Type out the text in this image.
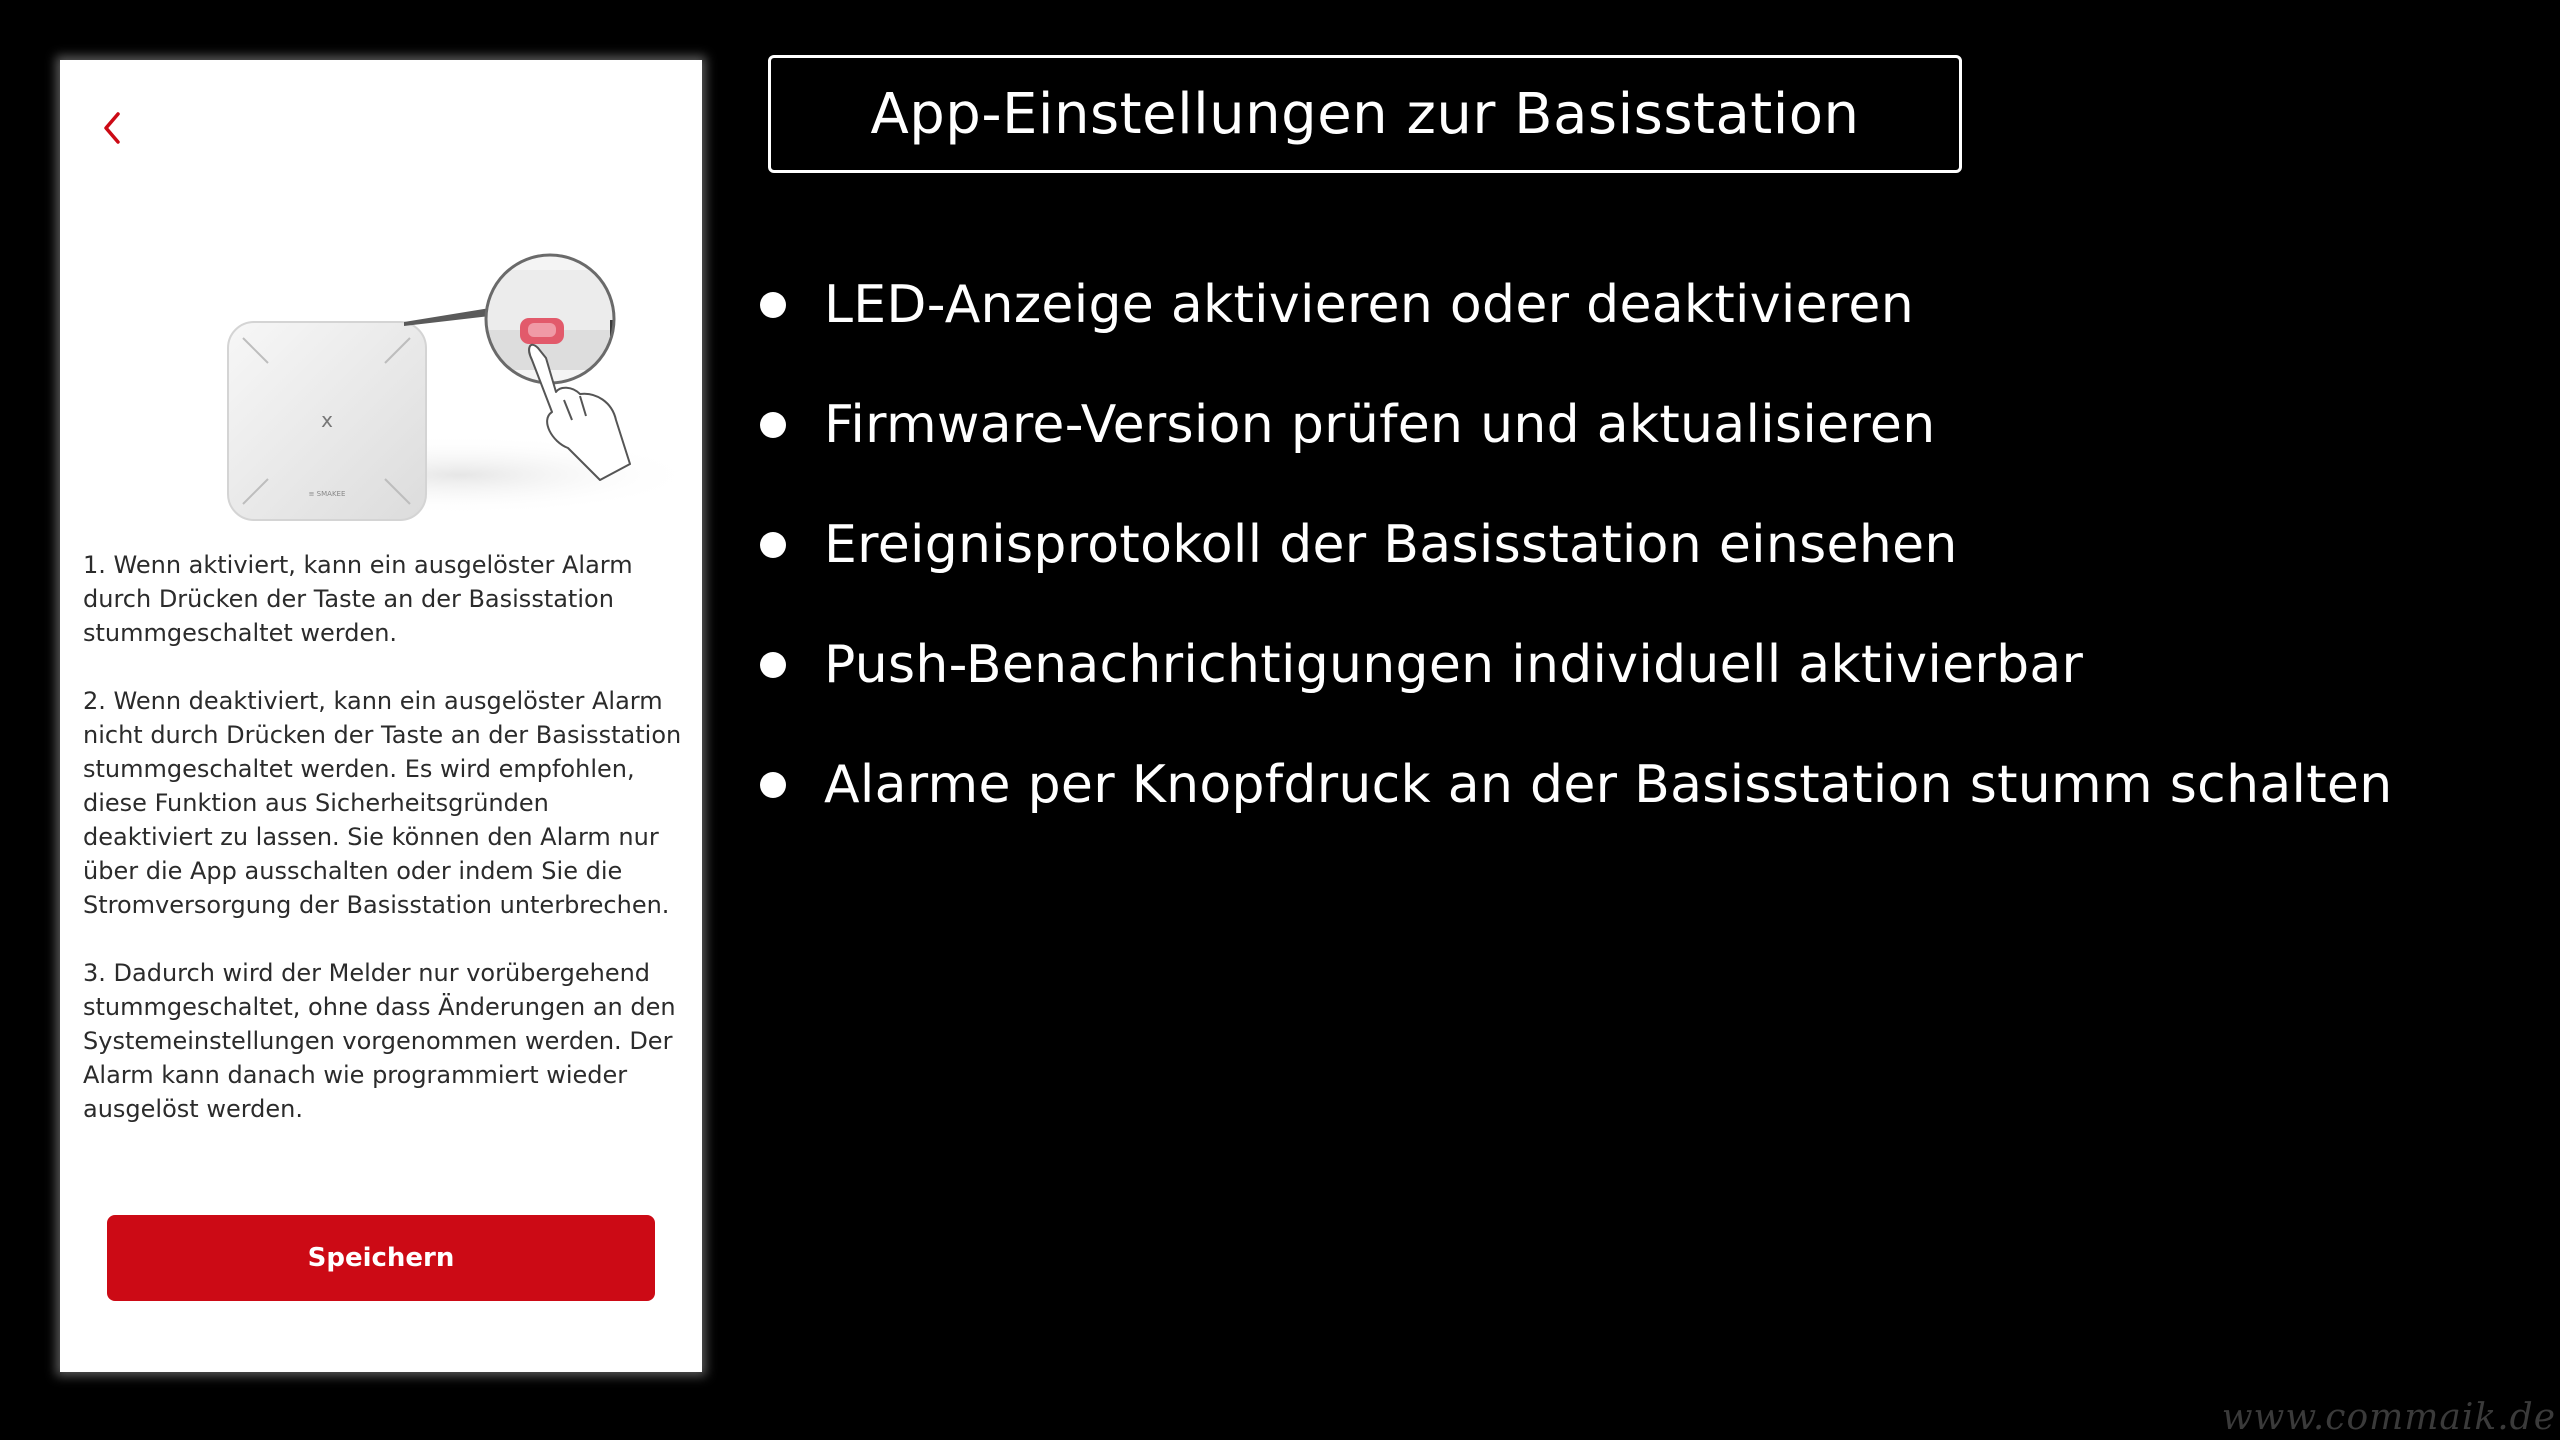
x
≡ SMAKEE

1. Wenn aktiviert, kann ein ausgelöster Alarm durch Drücken der Taste an der Basisstation stummgeschaltet werden.

2. Wenn deaktiviert, kann ein ausgelöster Alarm nicht durch Drücken der Taste an der Basisstation stummgeschaltet werden. Es wird empfohlen, diese Funktion aus Sicherheitsgründen deaktiviert zu lassen. Sie können den Alarm nur über die App ausschalten oder indem Sie die Stromversorgung der Basisstation unterbrechen.

3. Dadurch wird der Melder nur vorübergehend stummgeschaltet, ohne dass Änderungen an den Systemeinstellungen vorgenommen werden. Der Alarm kann danach wie programmiert wieder ausgelöst werden.

Speichern
App-Einstellungen zur Basisstation
LED-Anzeige aktivieren oder deaktivieren
Firmware-Version prüfen und aktualisieren
Ereignisprotokoll der Basisstation einsehen
Push-Benachrichtigungen individuell aktivierbar
Alarme per Knopfdruck an der Basisstation stumm schalten
www.commaik.de
